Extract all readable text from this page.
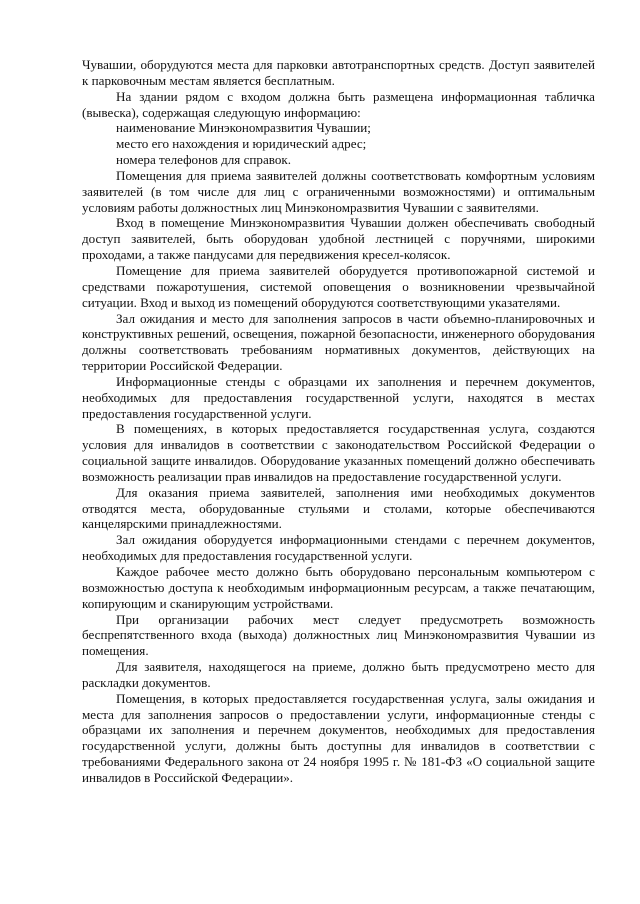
Чувашии, оборудуются места для парковки автотранспортных средств. Доступ заявителей к парковочным местам является бесплатным.

На здании рядом с входом должна быть размещена информационная табличка (вывеска), содержащая следующую информацию:

наименование Минэкономразвития Чувашии;

место его нахождения и юридический адрес;

номера телефонов для справок.

Помещения для приема заявителей должны соответствовать комфортным условиям заявителей (в том числе для лиц с ограниченными возможностями) и оптимальным условиям работы должностных лиц Минэкономразвития Чувашии с заявителями.

Вход в помещение Минэкономразвития Чувашии должен обеспечивать свободный доступ заявителей, быть оборудован удобной лестницей с поручнями, широкими проходами, а также пандусами для передвижения кресел-колясок.

Помещение для приема заявителей оборудуется противопожарной системой и средствами пожаротушения, системой оповещения о возникновении чрезвычайной ситуации. Вход и выход из помещений оборудуются соответствующими указателями.

Зал ожидания и место для заполнения запросов в части объемно-планировочных и конструктивных решений, освещения, пожарной безопасности, инженерного оборудования должны соответствовать требованиям нормативных документов, действующих на территории Российской Федерации.

Информационные стенды с образцами их заполнения и перечнем документов, необходимых для предоставления государственной услуги, находятся в местах предоставления государственной услуги.

В помещениях, в которых предоставляется государственная услуга, создаются условия для инвалидов в соответствии с законодательством Российской Федерации о социальной защите инвалидов. Оборудование указанных помещений должно обеспечивать возможность реализации прав инвалидов на предоставление государственной услуги.

Для оказания приема заявителей, заполнения ими необходимых документов отводятся места, оборудованные стульями и столами, которые обеспечиваются канцелярскими принадлежностями.

Зал ожидания оборудуется информационными стендами с перечнем документов, необходимых для предоставления государственной услуги.

Каждое рабочее место должно быть оборудовано персональным компьютером с возможностью доступа к необходимым информационным ресурсам, а также печатающим, копирующим и сканирующим устройствами.

При организации рабочих мест следует предусмотреть возможность беспрепятственного входа (выхода) должностных лиц Минэкономразвития Чувашии из помещения.

Для заявителя, находящегося на приеме, должно быть предусмотрено место для раскладки документов.

Помещения, в которых предоставляется государственная услуга, залы ожидания и места для заполнения запросов о предоставлении услуги, информационные стенды с образцами их заполнения и перечнем документов, необходимых для предоставления государственной услуги, должны быть доступны для инвалидов в соответствии с требованиями Федерального закона от 24 ноября 1995 г. № 181-ФЗ «О социальной защите инвалидов в Российской Федерации».
